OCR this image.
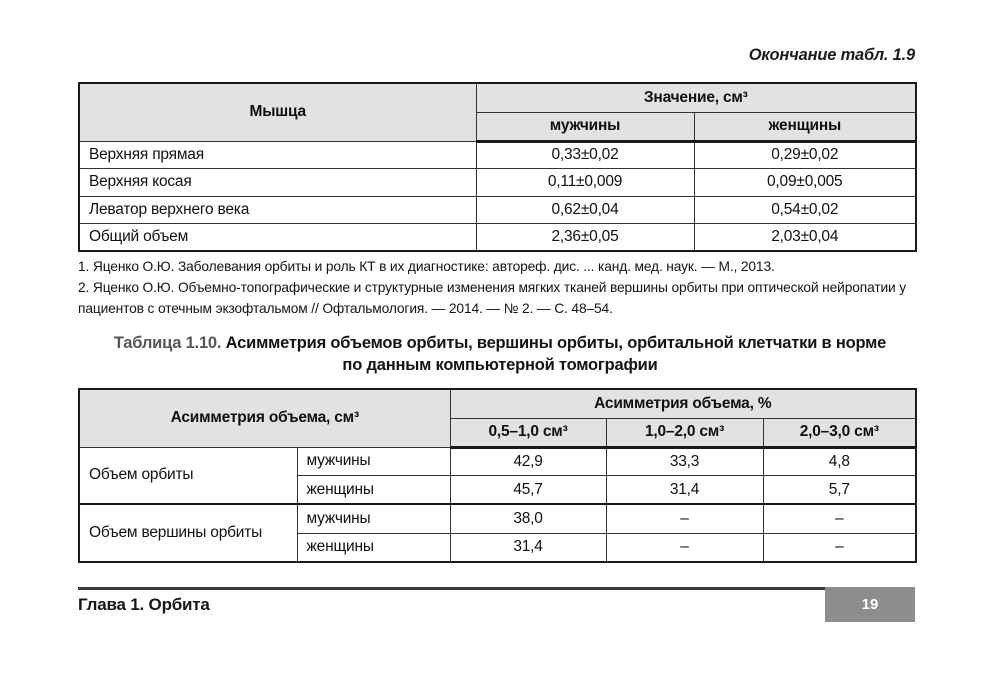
Окончание табл. 1.9
Мышца	Значение, см³	
	мужчины	женщины
Верхняя прямая	0,33±0,02	0,29±0,02
Верхняя косая	0,11±0,009	0,09±0,005
Леватор верхнего века	0,62±0,04	0,54±0,02
Общий объем	2,36±0,05	2,03±0,04

1. Яценко О.Ю. Заболевания орбиты и роль КТ в их диагностике: автореф. дис. ... канд. мед. наук. — М., 2013.

2. Яценко О.Ю. Объемно-топографические и структурные изменения мягких тканей вершины орбиты при оптической нейропатии у пациентов с отечным экзофтальмом // Офтальмология. — 2014. — № 2. — С. 48–54.

Таблица 1.10. Асимметрия объемов орбиты, вершины орбиты, орбитальной клетчатки в норме по данным компьютерной томографии
Асимметрия объема, см³		Асимметрия объема, %		
		0,5–1,0 см³	1,0–2,0 см³	2,0–3,0 см³
Объем орбиты	мужчины	42,9	33,3	4,8
	женщины	45,7	31,4	5,7
Объем вершины орбиты	мужчины	38,0	–	–
	женщины	31,4	–	–
Глава 1. Орбита	19
